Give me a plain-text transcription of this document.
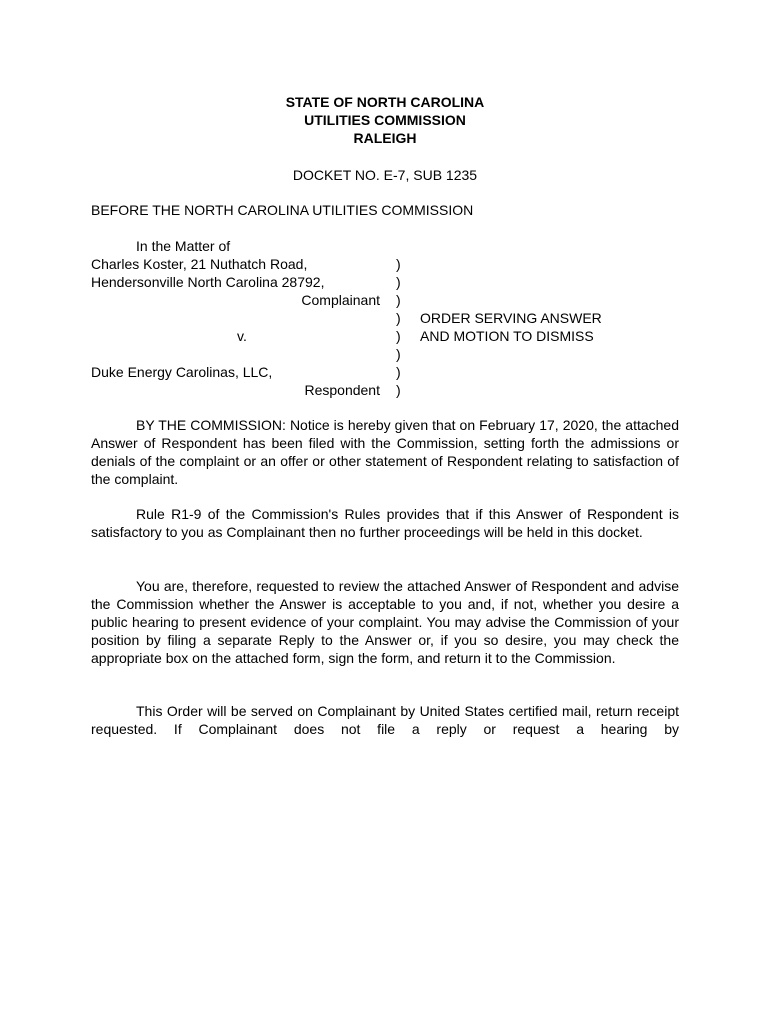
STATE OF NORTH CAROLINA
UTILITIES COMMISSION
RALEIGH
DOCKET NO. E-7, SUB 1235
BEFORE THE NORTH CAROLINA UTILITIES COMMISSION
In the Matter of
Charles Koster, 21 Nuthatch Road,
Hendersonville North Carolina 28792,
Complainant
v.
Duke Energy Carolinas, LLC,
Respondent
)
)
)
)
)
)
)
)
ORDER SERVING ANSWER
AND MOTION TO DISMISS

BY THE COMMISSION: Notice is hereby given that on February 17, 2020, the attached Answer of Respondent has been filed with the Commission, setting forth the admissions or denials of the complaint or an offer or other statement of Respondent relating to satisfaction of the complaint.

Rule R1-9 of the Commission's Rules provides that if this Answer of Respondent is satisfactory to you as Complainant then no further proceedings will be held in this docket.

You are, therefore, requested to review the attached Answer of Respondent and advise the Commission whether the Answer is acceptable to you and, if not, whether you desire a public hearing to present evidence of your complaint. You may advise the Commission of your position by filing a separate Reply to the Answer or, if you so desire, you may check the appropriate box on the attached form, sign the form, and return it to the Commission.

This Order will be served on Complainant by United States certified mail, return receipt requested. If Complainant does not file a reply or request a hearing by
